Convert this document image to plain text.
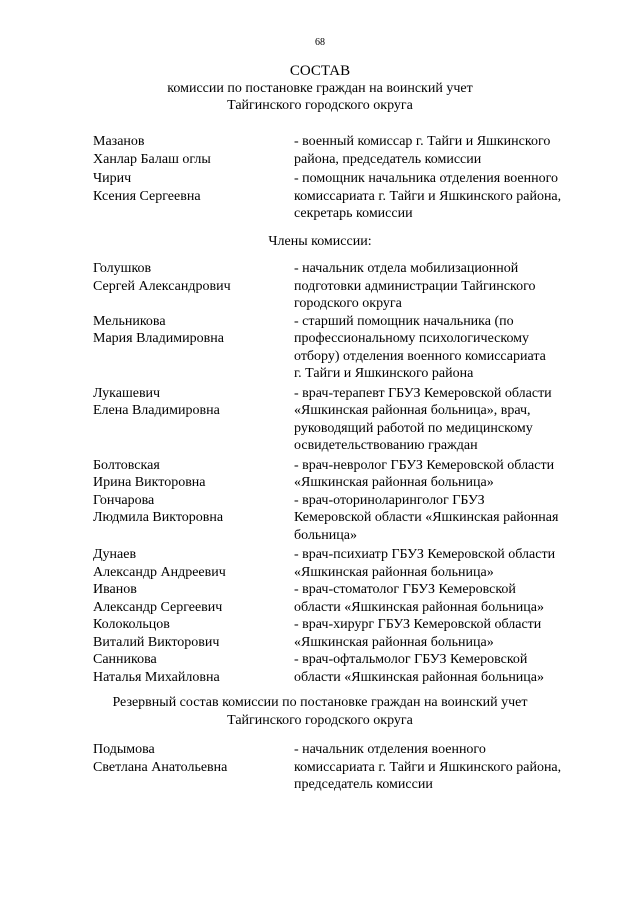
68
СОСТАВ
комиссии по постановке граждан на воинский учет
Тайгинского городского округа
Мазанов
Ханлар Балаш оглы
- военный комиссар г. Тайги и Яшкинского
района, председатель комиссии
Чирич
Ксения Сергеевна
- помощник начальника отделения военного
комиссариата г. Тайги и Яшкинского района,
секретарь комиссии
Члены комиссии:
Голушков
Сергей Александрович
- начальник отдела мобилизационной
подготовки администрации Тайгинского
городского округа
Мельникова
Мария Владимировна
- старший помощник начальника (по
профессиональному психологическому
отбору) отделения военного комиссариата
г. Тайги и Яшкинского района
Лукашевич
Елена Владимировна
- врач-терапевт ГБУЗ Кемеровской области
«Яшкинская районная больница», врач,
руководящий работой по медицинскому
освидетельствованию граждан
Болтовская
Ирина Викторовна
- врач-невролог ГБУЗ Кемеровской области
«Яшкинская районная больница»
Гончарова
Людмила Викторовна
- врач-оториноларинголог ГБУЗ
Кемеровской области «Яшкинская районная
больница»
Дунаев
Александр Андреевич
- врач-психиатр ГБУЗ Кемеровской области
«Яшкинская районная больница»
Иванов
Александр Сергеевич
- врач-стоматолог ГБУЗ Кемеровской
области «Яшкинская районная больница»
Колокольцов
Виталий Викторович
- врач-хирург ГБУЗ Кемеровской области
«Яшкинская районная больница»
Санникова
Наталья Михайловна
- врач-офтальмолог ГБУЗ Кемеровской
области «Яшкинская районная больница»
Резервный состав комиссии по постановке граждан на воинский учет
Тайгинского городского округа
Подымова
Светлана Анатольевна
- начальник отделения военного
комиссариата г. Тайги и Яшкинского района,
председатель комиссии
